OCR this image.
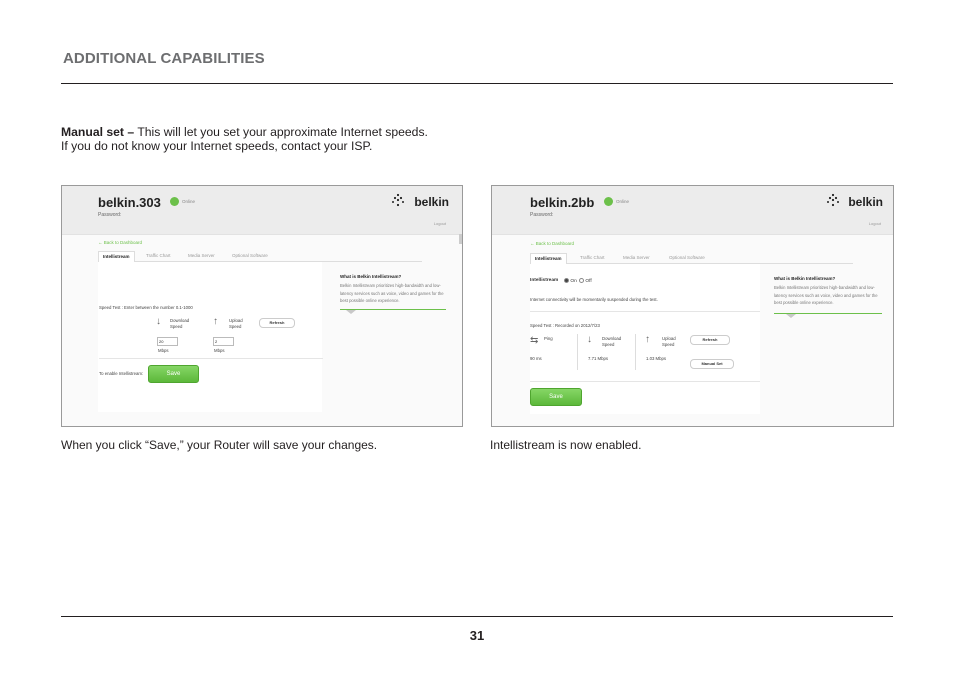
ADDITIONAL CAPABILITIES
Manual set – This will let you set your approximate Internet speeds.
If you do not know your Internet speeds, contact your ISP.
belkin.303	Online
Password:
belkin
Logout
← Back to Dashboard
Intellistream	Traffic Chart	Media Server	Optional Software
Speed Test : Enter between the number 0.1-1000
↓ Download
Speed	↑	Upload
Speed
Refresh
20	2
Mbps	Mbps
To enable Intellistream:	Save
What is Belkin Intellistream?
Belkin Intellistream prioritizes high-bandwidth and low-latency services such as voice, video and games for the best possible online experience.
belkin.2bb	Online
Password:
belkin
Logout
← Back to Dashboard
Intellistream	Traffic Chart	Media Server	Optional Software
Intellistream	On	Off
Internet connectivity will be momentarily suspended during the test.
Speed Test : Recorded on 2012/7/23
⇆ Ping	↓ Download
Speed	↑	Upload
Speed
Refresh
90 ms	7.71 Mbps	1.03 Mbps
Manual Set
Save
What is Belkin Intellistream?
Belkin Intellistream prioritizes high-bandwidth and low-latency services such as voice, video and games for the best possible online experience.
When you click “Save,” your Router will save your changes.	Intellistream is now enabled.
31
